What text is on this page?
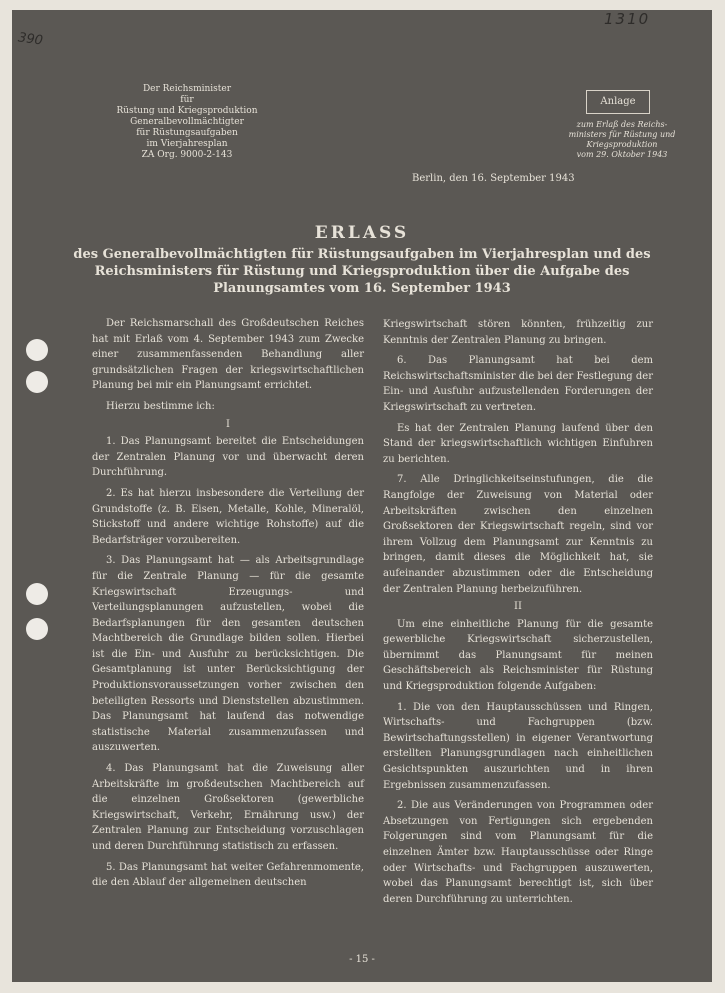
390
1310
Der Reichsminister
für
Rüstung und Kriegsproduktion
Generalbevollmächtigter
für Rüstungsaufgaben
im Vierjahresplan
ZA Org. 9000-2-143
Anlage
zum Erlaß des Reichs-
ministers für Rüstung und
Kriegsproduktion
vom 29. Oktober 1943
Berlin, den 16. September 1943
ERLASS
des Generalbevollmächtigten für Rüstungsaufgaben im Vierjahresplan und des Reichsministers für Rüstung und Kriegsproduktion über die Aufgabe des Planungsamtes vom 16. September 1943

Der Reichsmarschall des Großdeutschen Reiches hat mit Erlaß vom 4. September 1943 zum Zwecke einer zusammenfassenden Behandlung aller grundsätzlichen Fragen der kriegswirtschaftlichen Planung bei mir ein Planungsamt errichtet.

Hierzu bestimme ich:

I

1. Das Planungsamt bereitet die Entscheidungen der Zentralen Planung vor und überwacht deren Durchführung.

2. Es hat hierzu insbesondere die Verteilung der Grundstoffe (z. B. Eisen, Metalle, Kohle, Mineralöl, Stickstoff und andere wichtige Rohstoffe) auf die Bedarfsträger vorzubereiten.

3. Das Planungsamt hat — als Arbeitsgrundlage für die Zentrale Planung — für die gesamte Kriegswirtschaft Erzeugungs- und Verteilungsplanungen aufzustellen, wobei die Bedarfsplanungen für den gesamten deutschen Machtbereich die Grundlage bilden sollen. Hierbei ist die Ein- und Ausfuhr zu berücksichtigen. Die Gesamtplanung ist unter Berücksichtigung der Produktionsvoraussetzungen vorher zwischen den beteiligten Ressorts und Dienststellen abzustimmen. Das Planungsamt hat laufend das notwendige statistische Material zusammenzufassen und auszuwerten.

4. Das Planungsamt hat die Zuweisung aller Arbeitskräfte im großdeutschen Machtbereich auf die einzelnen Großsektoren (gewerbliche Kriegswirtschaft, Verkehr, Ernährung usw.) der Zentralen Planung zur Entscheidung vorzuschlagen und deren Durchführung statistisch zu erfassen.

5. Das Planungsamt hat weiter Gefahrenmomente, die den Ablauf der allgemeinen deutschen

Kriegswirtschaft stören könnten, frühzeitig zur Kenntnis der Zentralen Planung zu bringen.

6. Das Planungsamt hat bei dem Reichswirtschaftsminister die bei der Festlegung der Ein- und Ausfuhr aufzustellenden Forderungen der Kriegswirtschaft zu vertreten.

Es hat der Zentralen Planung laufend über den Stand der kriegswirtschaftlich wichtigen Einfuhren zu berichten.

7. Alle Dringlichkeitseinstufungen, die die Rangfolge der Zuweisung von Material oder Arbeitskräften zwischen den einzelnen Großsektoren der Kriegswirtschaft regeln, sind vor ihrem Vollzug dem Planungsamt zur Kenntnis zu bringen, damit dieses die Möglichkeit hat, sie aufeinander abzustimmen oder die Entscheidung der Zentralen Planung herbeizuführen.

II

Um eine einheitliche Planung für die gesamte gewerbliche Kriegswirtschaft sicherzustellen, übernimmt das Planungsamt für meinen Geschäftsbereich als Reichsminister für Rüstung und Kriegsproduktion folgende Aufgaben:

1. Die von den Hauptausschüssen und Ringen, Wirtschafts- und Fachgruppen (bzw. Bewirtschaftungsstellen) in eigener Verantwortung erstellten Planungsgrundlagen nach einheitlichen Gesichtspunkten auszurichten und in ihren Ergebnissen zusammenzufassen.

2. Die aus Veränderungen von Programmen oder Absetzungen von Fertigungen sich ergebenden Folgerungen sind vom Planungsamt für die einzelnen Ämter bzw. Hauptausschüsse oder Ringe oder Wirtschafts- und Fachgruppen auszuwerten, wobei das Planungsamt berechtigt ist, sich über deren Durchführung zu unterrichten.

- 15 -
